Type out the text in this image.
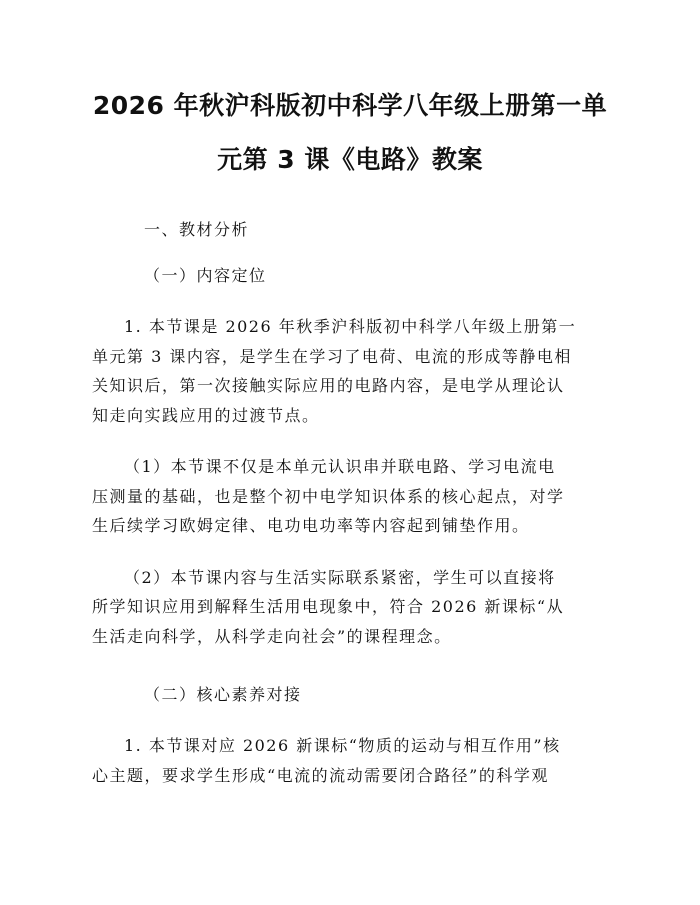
2026 年秋沪科版初中科学八年级上册第一单
元第 3 课《电路》教案

一、教材分析

（一）内容定位

1. 本节课是 2026 年秋季沪科版初中科学八年级上册第一
单元第 3 课内容，是学生在学习了电荷、电流的形成等静电相
关知识后，第一次接触实际应用的电路内容，是电学从理论认
知走向实践应用的过渡节点。

（1）本节课不仅是本单元认识串并联电路、学习电流电
压测量的基础，也是整个初中电学知识体系的核心起点，对学
生后续学习欧姆定律、电功电功率等内容起到铺垫作用。

（2）本节课内容与生活实际联系紧密，学生可以直接将
所学知识应用到解释生活用电现象中，符合 2026 新课标“从
生活走向科学，从科学走向社会”的课程理念。

（二）核心素养对接

1. 本节课对应 2026 新课标“物质的运动与相互作用”核
心主题，要求学生形成“电流的流动需要闭合路径”的科学观
